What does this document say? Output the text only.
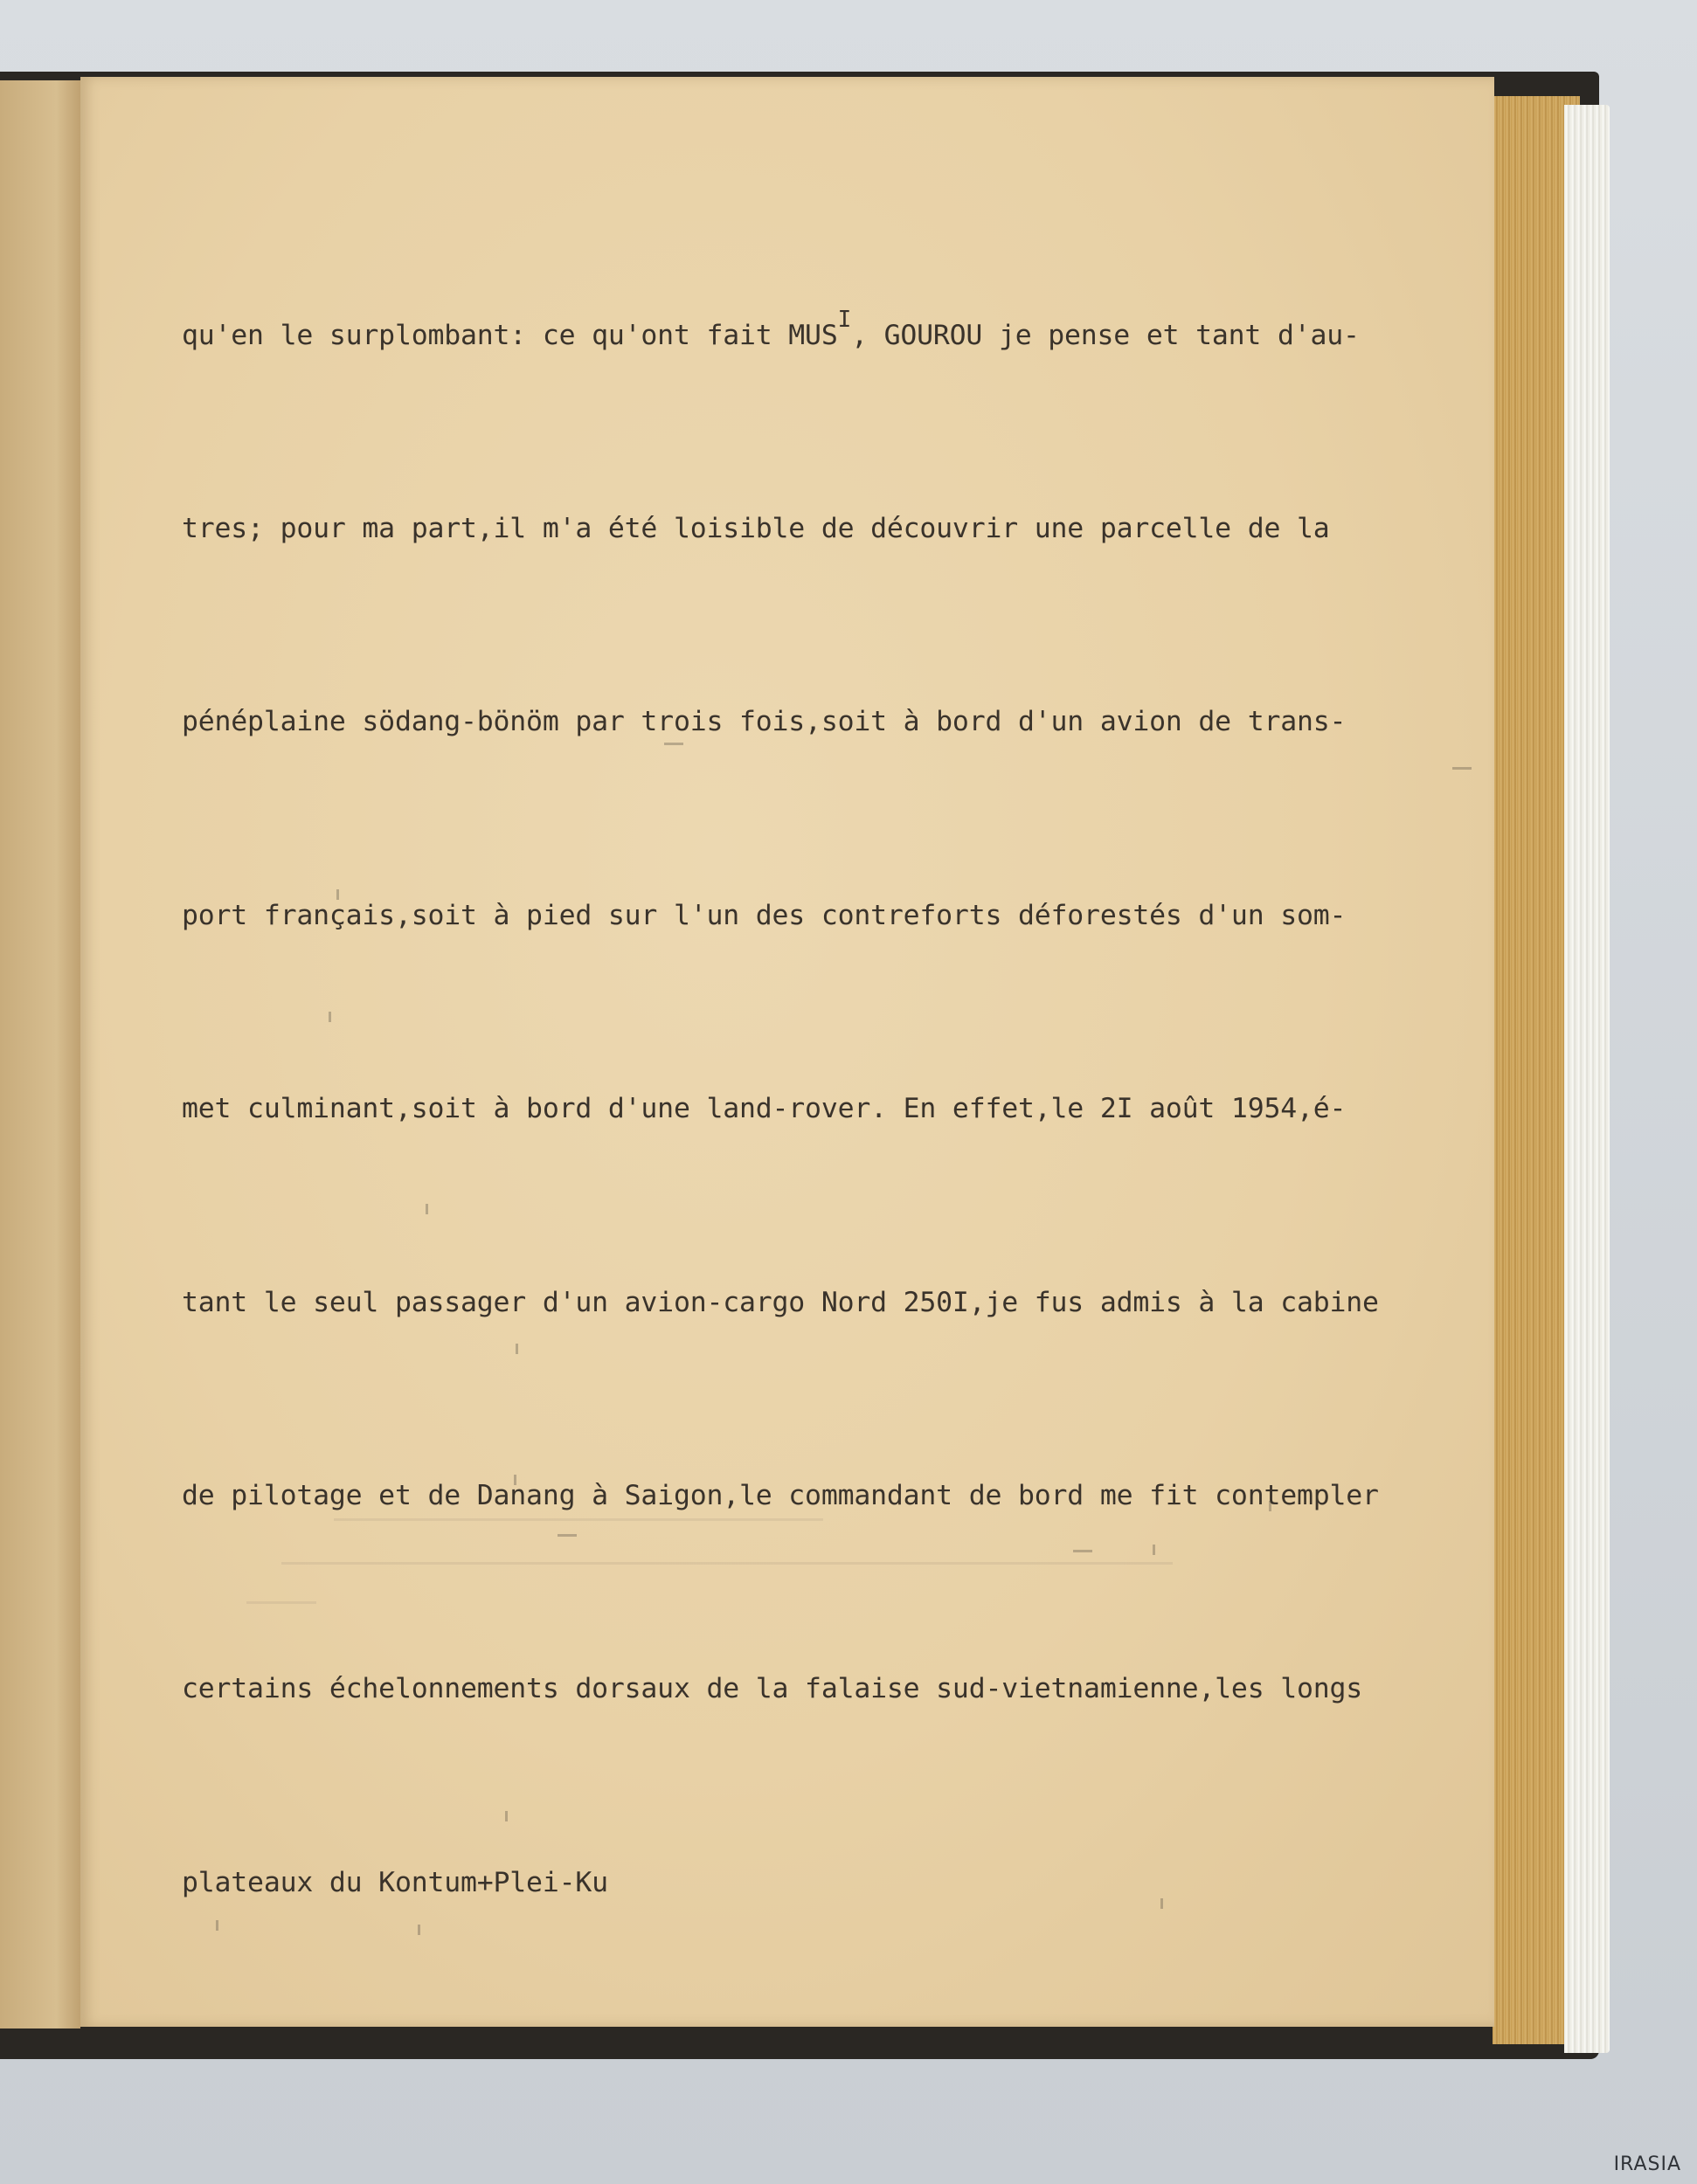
qu'en le surplombant: ce qu'ont fait MUS$^I$, GOUROU je pense et tant d'au-

tres; pour ma part,il m'a été loisible de découvrir une parcelle de la

pénéplaine södang-bönöm par trois fois,soit à bord d'un avion de trans-

port français,soit à pied sur l'un des contreforts déforestés d'un som-

met culminant,soit à bord d'une land-rover. En effet,le 2I août 1954,é-

tant le seul passager d'un avion-cargo Nord 250I,je fus admis à la cabine

de pilotage et de Danang à Saigon,le commandant de bord me fit contempler

certains échelonnements dorsaux de la falaise sud-vietnamienne,les longs

plateaux du Kontum+Plei-Ku

IRASIA
